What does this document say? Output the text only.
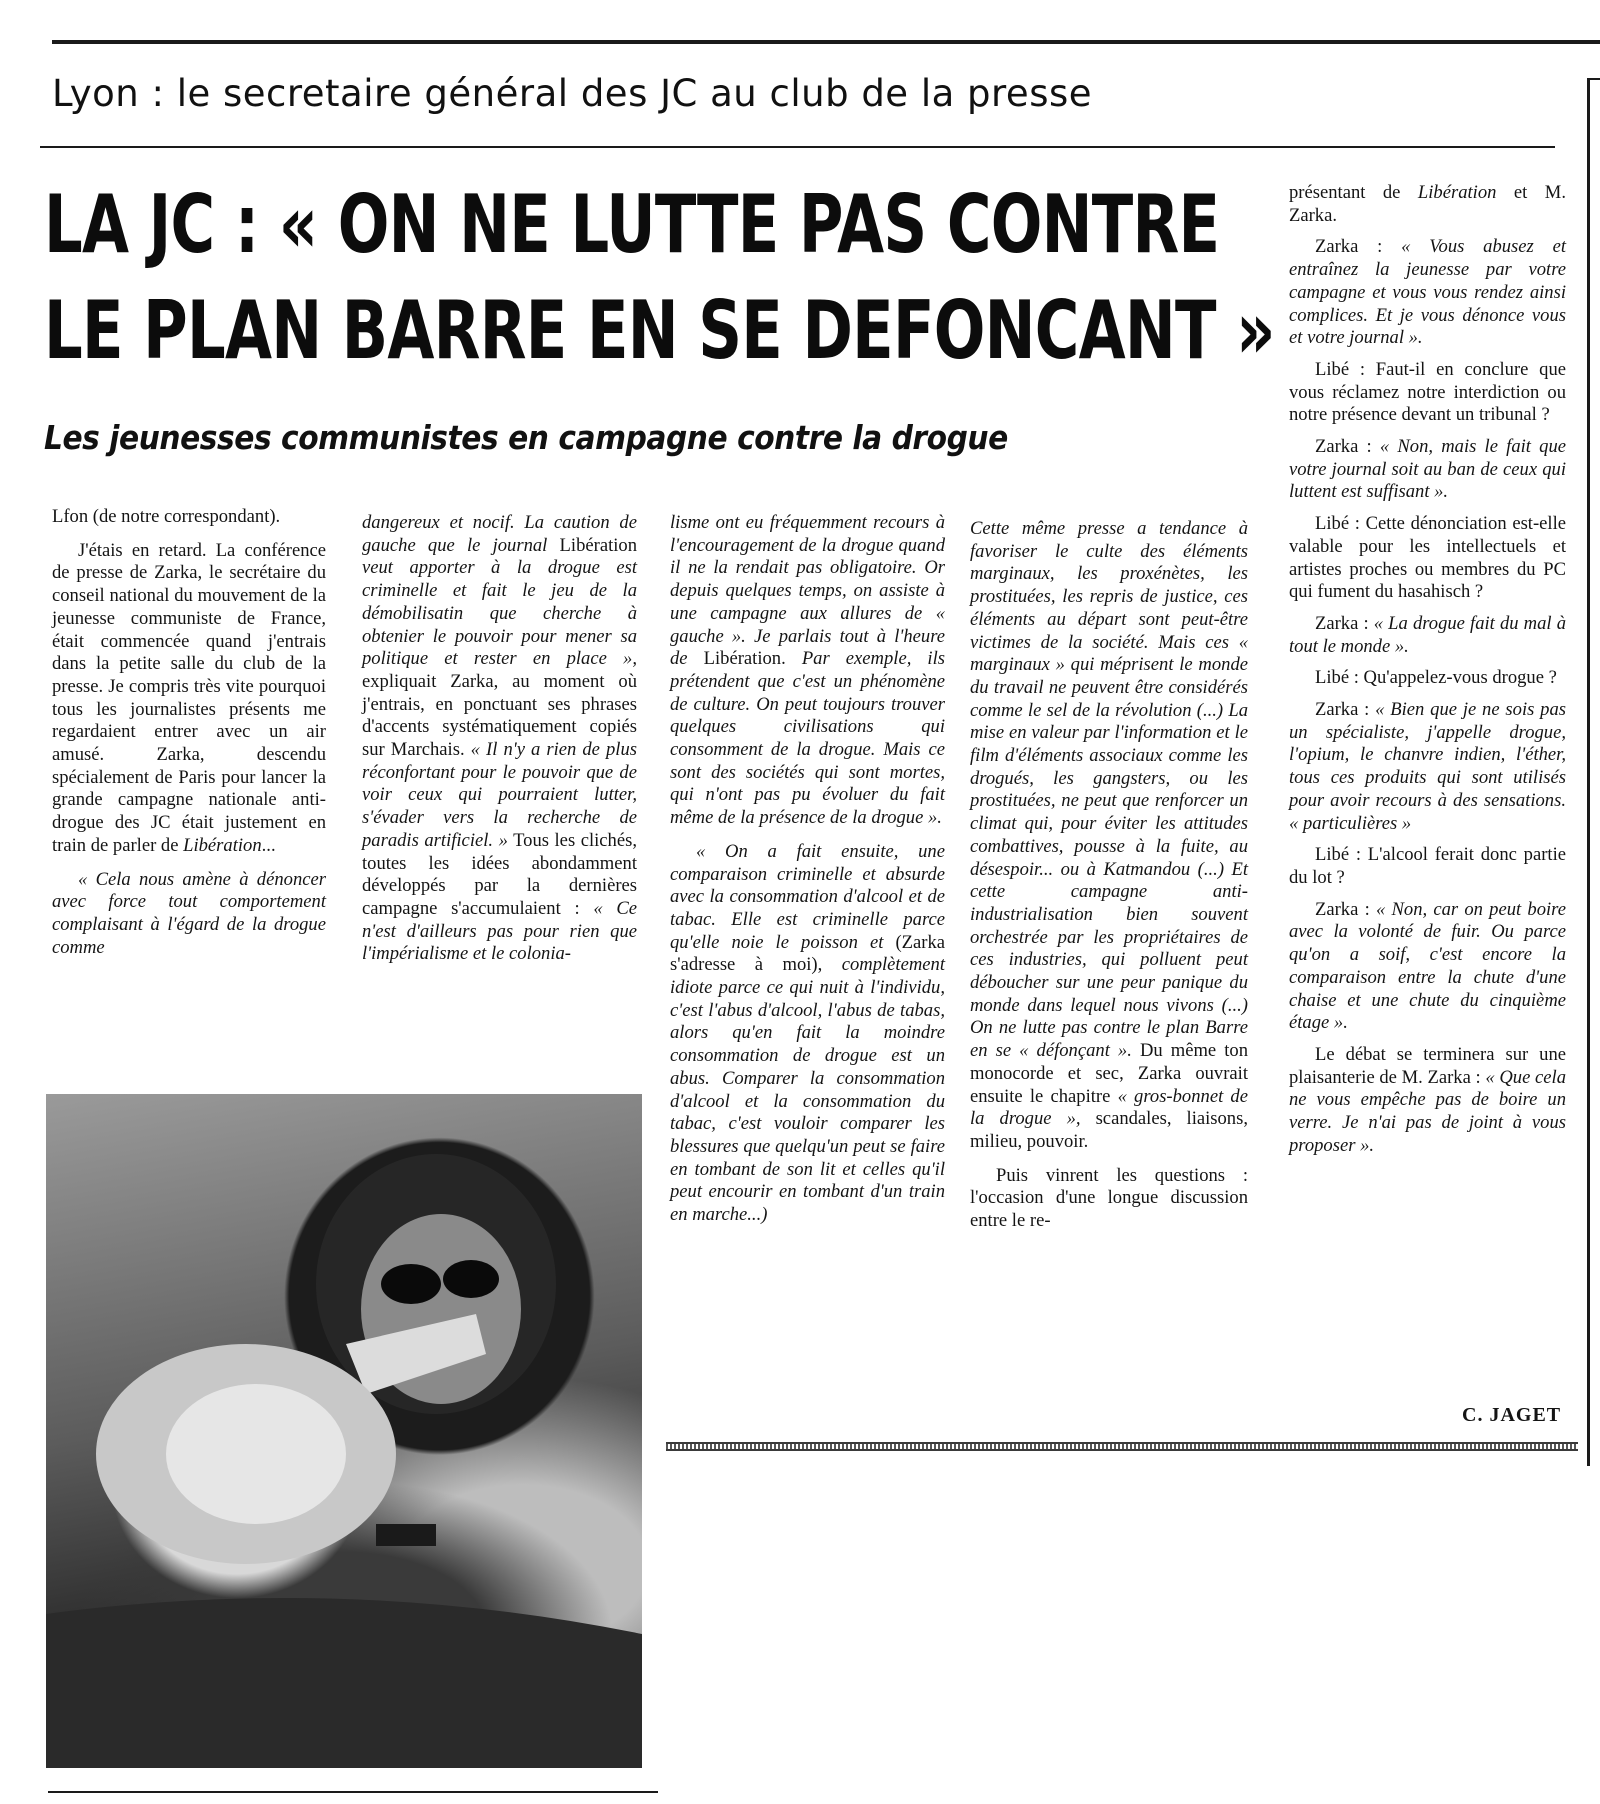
Lyon : le secretaire général des JC au club de la presse
LA JC : « ON NE LUTTE PAS CONTRE
LE PLAN BARRE EN SE DEFONCANT »
Les jeunesses communistes en campagne contre la drogue

Lfon (de notre correspondant).

J'étais en retard. La conférence de presse de Zarka, le secrétaire du conseil national du mouvement de la jeunesse communiste de France, était commencée quand j'entrais dans la petite salle du club de la presse. Je compris très vite pourquoi tous les journalistes présents me regardaient entrer avec un air amusé. Zarka, descendu spécialement de Paris pour lancer la grande campagne nationale anti-drogue des JC était justement en train de parler de Libération...

« Cela nous amène à dénoncer avec force tout comportement complaisant à l'égard de la drogue comme

dangereux et nocif. La caution de gauche que le journal Libération veut apporter à la drogue est criminelle et fait le jeu de la démobilisatin que cherche à obtenier le pouvoir pour mener sa politique et rester en place », expliquait Zarka, au moment où j'entrais, en ponctuant ses phrases d'accents systématiquement copiés sur Marchais. « Il n'y a rien de plus réconfortant pour le pouvoir que de voir ceux qui pourraient lutter, s'évader vers la recherche de paradis artificiel. » Tous les clichés, toutes les idées abondamment développés par la dernières campagne s'accumulaient : « Ce n'est d'ailleurs pas pour rien que l'impérialisme et le colonia-

lisme ont eu fréquemment recours à l'encouragement de la drogue quand il ne la rendait pas obligatoire. Or depuis quelques temps, on assiste à une campagne aux allures de « gauche ». Je parlais tout à l'heure de Libération. Par exemple, ils prétendent que c'est un phénomène de culture. On peut toujours trouver quelques civilisations qui consomment de la drogue. Mais ce sont des sociétés qui sont mortes, qui n'ont pas pu évoluer du fait même de la présence de la drogue ».

« On a fait ensuite, une comparaison criminelle et absurde avec la consommation d'alcool et de tabac. Elle est criminelle parce qu'elle noie le poisson et (Zarka s'adresse à moi), complètement idiote parce ce qui nuit à l'individu, c'est l'abus d'alcool, l'abus de tabas, alors qu'en fait la moindre consommation de drogue est un abus. Comparer la consommation d'alcool et la consommation du tabac, c'est vouloir comparer les blessures que quelqu'un peut se faire en tombant de son lit et celles qu'il peut encourir en tombant d'un train en marche...)

Cette même presse a tendance à favoriser le culte des éléments marginaux, les proxénètes, les prostituées, les repris de justice, ces éléments au départ sont peut-être victimes de la société. Mais ces « marginaux » qui méprisent le monde du travail ne peuvent être considérés comme le sel de la révolution (...) La mise en valeur par l'information et le film d'éléments associaux comme les drogués, les gangsters, ou les prostituées, ne peut que renforcer un climat qui, pour éviter les attitudes combattives, pousse à la fuite, au désespoir... ou à Katmandou (...) Et cette campagne anti-industrialisation bien souvent orchestrée par les propriétaires de ces industries, qui polluent peut déboucher sur une peur panique du monde dans lequel nous vivons (...) On ne lutte pas contre le plan Barre en se « défonçant ». Du même ton monocorde et sec, Zarka ouvrait ensuite le chapitre « gros-bonnet de la drogue », scandales, liaisons, milieu, pouvoir.

Puis vinrent les questions : l'occasion d'une longue discussion entre le re-

présentant de Libération et M. Zarka.

Zarka : « Vous abusez et entraînez la jeunesse par votre campagne et vous vous rendez ainsi complices. Et je vous dénonce vous et votre journal ».

Libé : Faut-il en conclure que vous réclamez notre interdiction ou notre présence devant un tribunal ?

Zarka : « Non, mais le fait que votre journal soit au ban de ceux qui luttent est suffisant ».

Libé : Cette dénonciation est-elle valable pour les intellectuels et artistes proches ou membres du PC qui fument du hasahisch ?

Zarka : « La drogue fait du mal à tout le monde ».

Libé : Qu'appelez-vous drogue ?

Zarka : « Bien que je ne sois pas un spécialiste, j'appelle drogue, l'opium, le chanvre indien, l'éther, tous ces produits qui sont utilisés pour avoir recours à des sensations. « particulières »

Libé : L'alcool ferait donc partie du lot ?

Zarka : « Non, car on peut boire avec la volonté de fuir. Ou parce qu'on a soif, c'est encore la comparaison entre la chute d'une chaise et une chute du cinquième étage ».

Le débat se terminera sur une plaisanterie de M. Zarka : « Que cela ne vous empêche pas de boire un verre. Je n'ai pas de joint à vous proposer ».

C. JAGET
